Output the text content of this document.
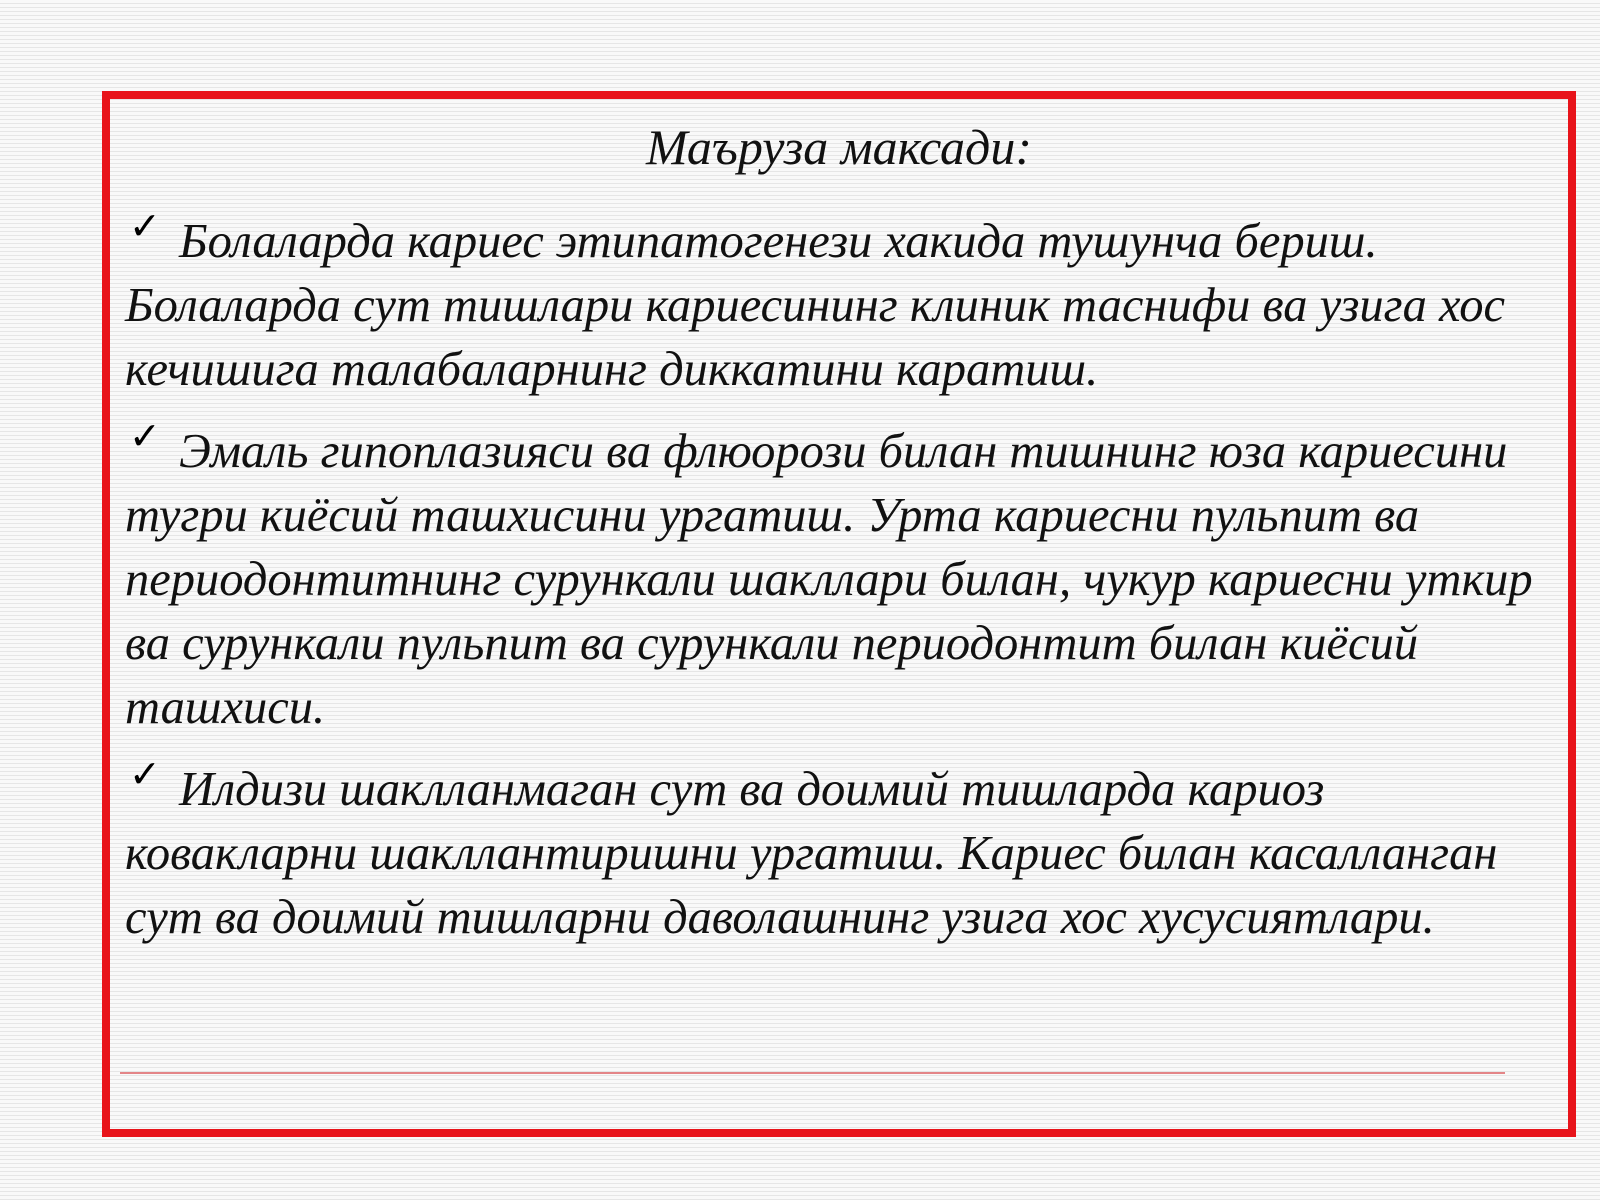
Маъруза максади:

✓ Болаларда кариес этипатогенези хакида тушунча бериш. Болаларда сут тишлари кариесининг клиник таснифи ва узига хос кечишига талабаларнинг диккатини каратиш.

✓ Эмаль гипоплазияси ва флюорози билан тишнинг юза кариесини тугри киёсий ташхисини ургатиш. Урта кариесни пульпит ва периодонтитнинг сурункали шакллари билан, чукур кариесни уткир ва сурункали пульпит ва сурункали периодонтит билан киёсий ташхиси.

✓ Илдизи шаклланмаган сут ва доимий тишларда кариоз ковакларни шакллантиришни ургатиш. Кариес билан касалланган сут ва доимий тишларни даволашнинг узига хос хусусиятлари.
